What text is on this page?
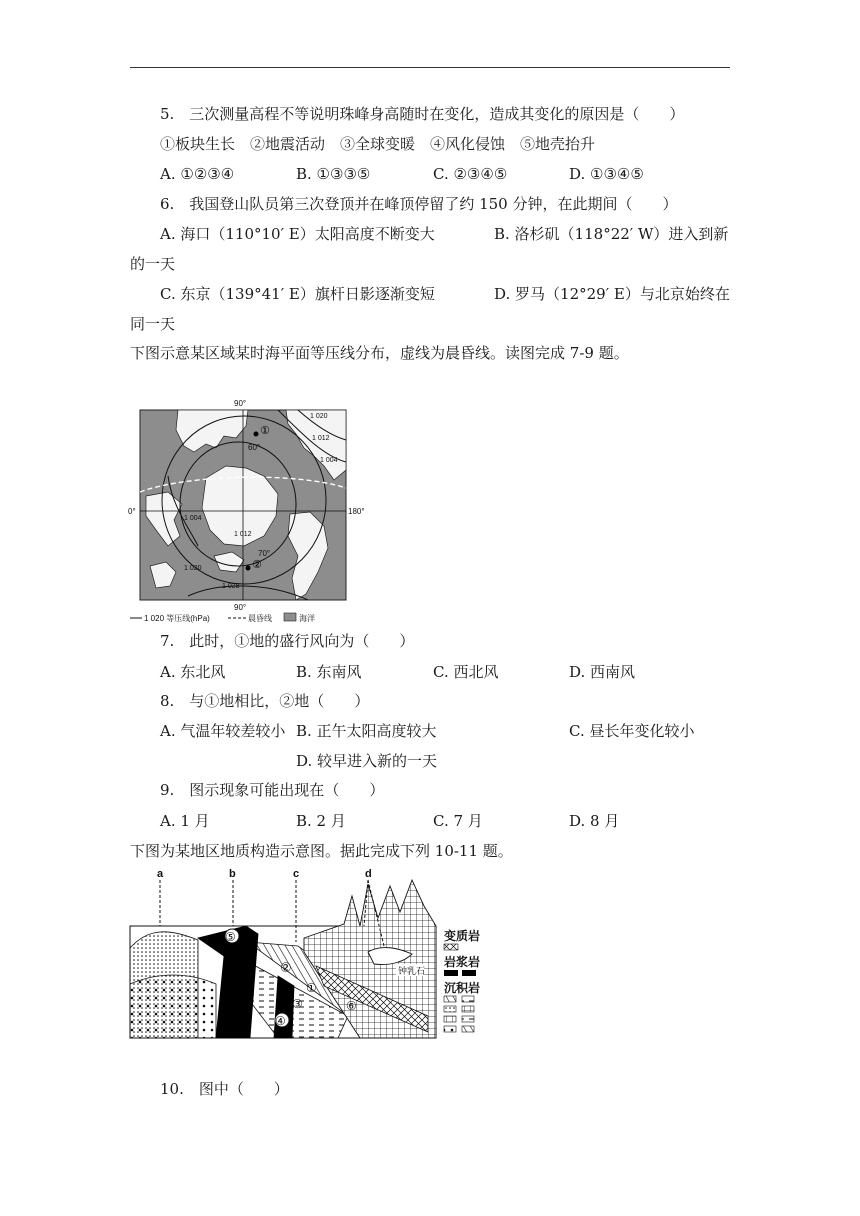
5.　三次测量高程不等说明珠峰身高随时在变化，造成其变化的原因是（　　）
①板块生长　②地震活动　③全球变暖　④风化侵蚀　⑤地壳抬升
A. ①②③④	B. ①③③⑤	C. ②③④⑤	D. ①③④⑤
6.　我国登山队员第三次登顶并在峰顶停留了约 150 分钟，在此期间（　　）
A. 海口（110°10′ E）太阳高度不断变大	B. 洛杉矶（118°22′ W）进入到新
的一天
C. 东京（139°41′ E）旗杆日影逐渐变短	D. 罗马（12°29′ E）与北京始终在
同一天
下图示意某区域某时海平面等压线分布，虚线为晨昏线。读图完成 7-9 题。
①
②
1 020
1 012
1 004
1 012
1 004
1 020
1 028
60°
70°
90°
90°
0°	180°
1 020 等压线(hPa)	晨昏线	海洋
7.　此时，①地的盛行风向为（　　）
A. 东北风	B. 东南风	C. 西北风	D. 西南风
8.　与①地相比，②地（　　）
A. 气温年较差较小 B. 正午太阳高度较大	C. 昼长年变化较小
D. 较早进入新的一天
9.　图示现象可能出现在（　　）
A. 1 月	B. 2 月	C. 7 月	D. 8 月
下图为某地区地质构造示意图。据此完成下列 10-11 题。
a	b	c	d
⑤
②
①
③
④
⑥
钟乳石
变质岩
岩浆岩
沉积岩
10.　图中（　　）
